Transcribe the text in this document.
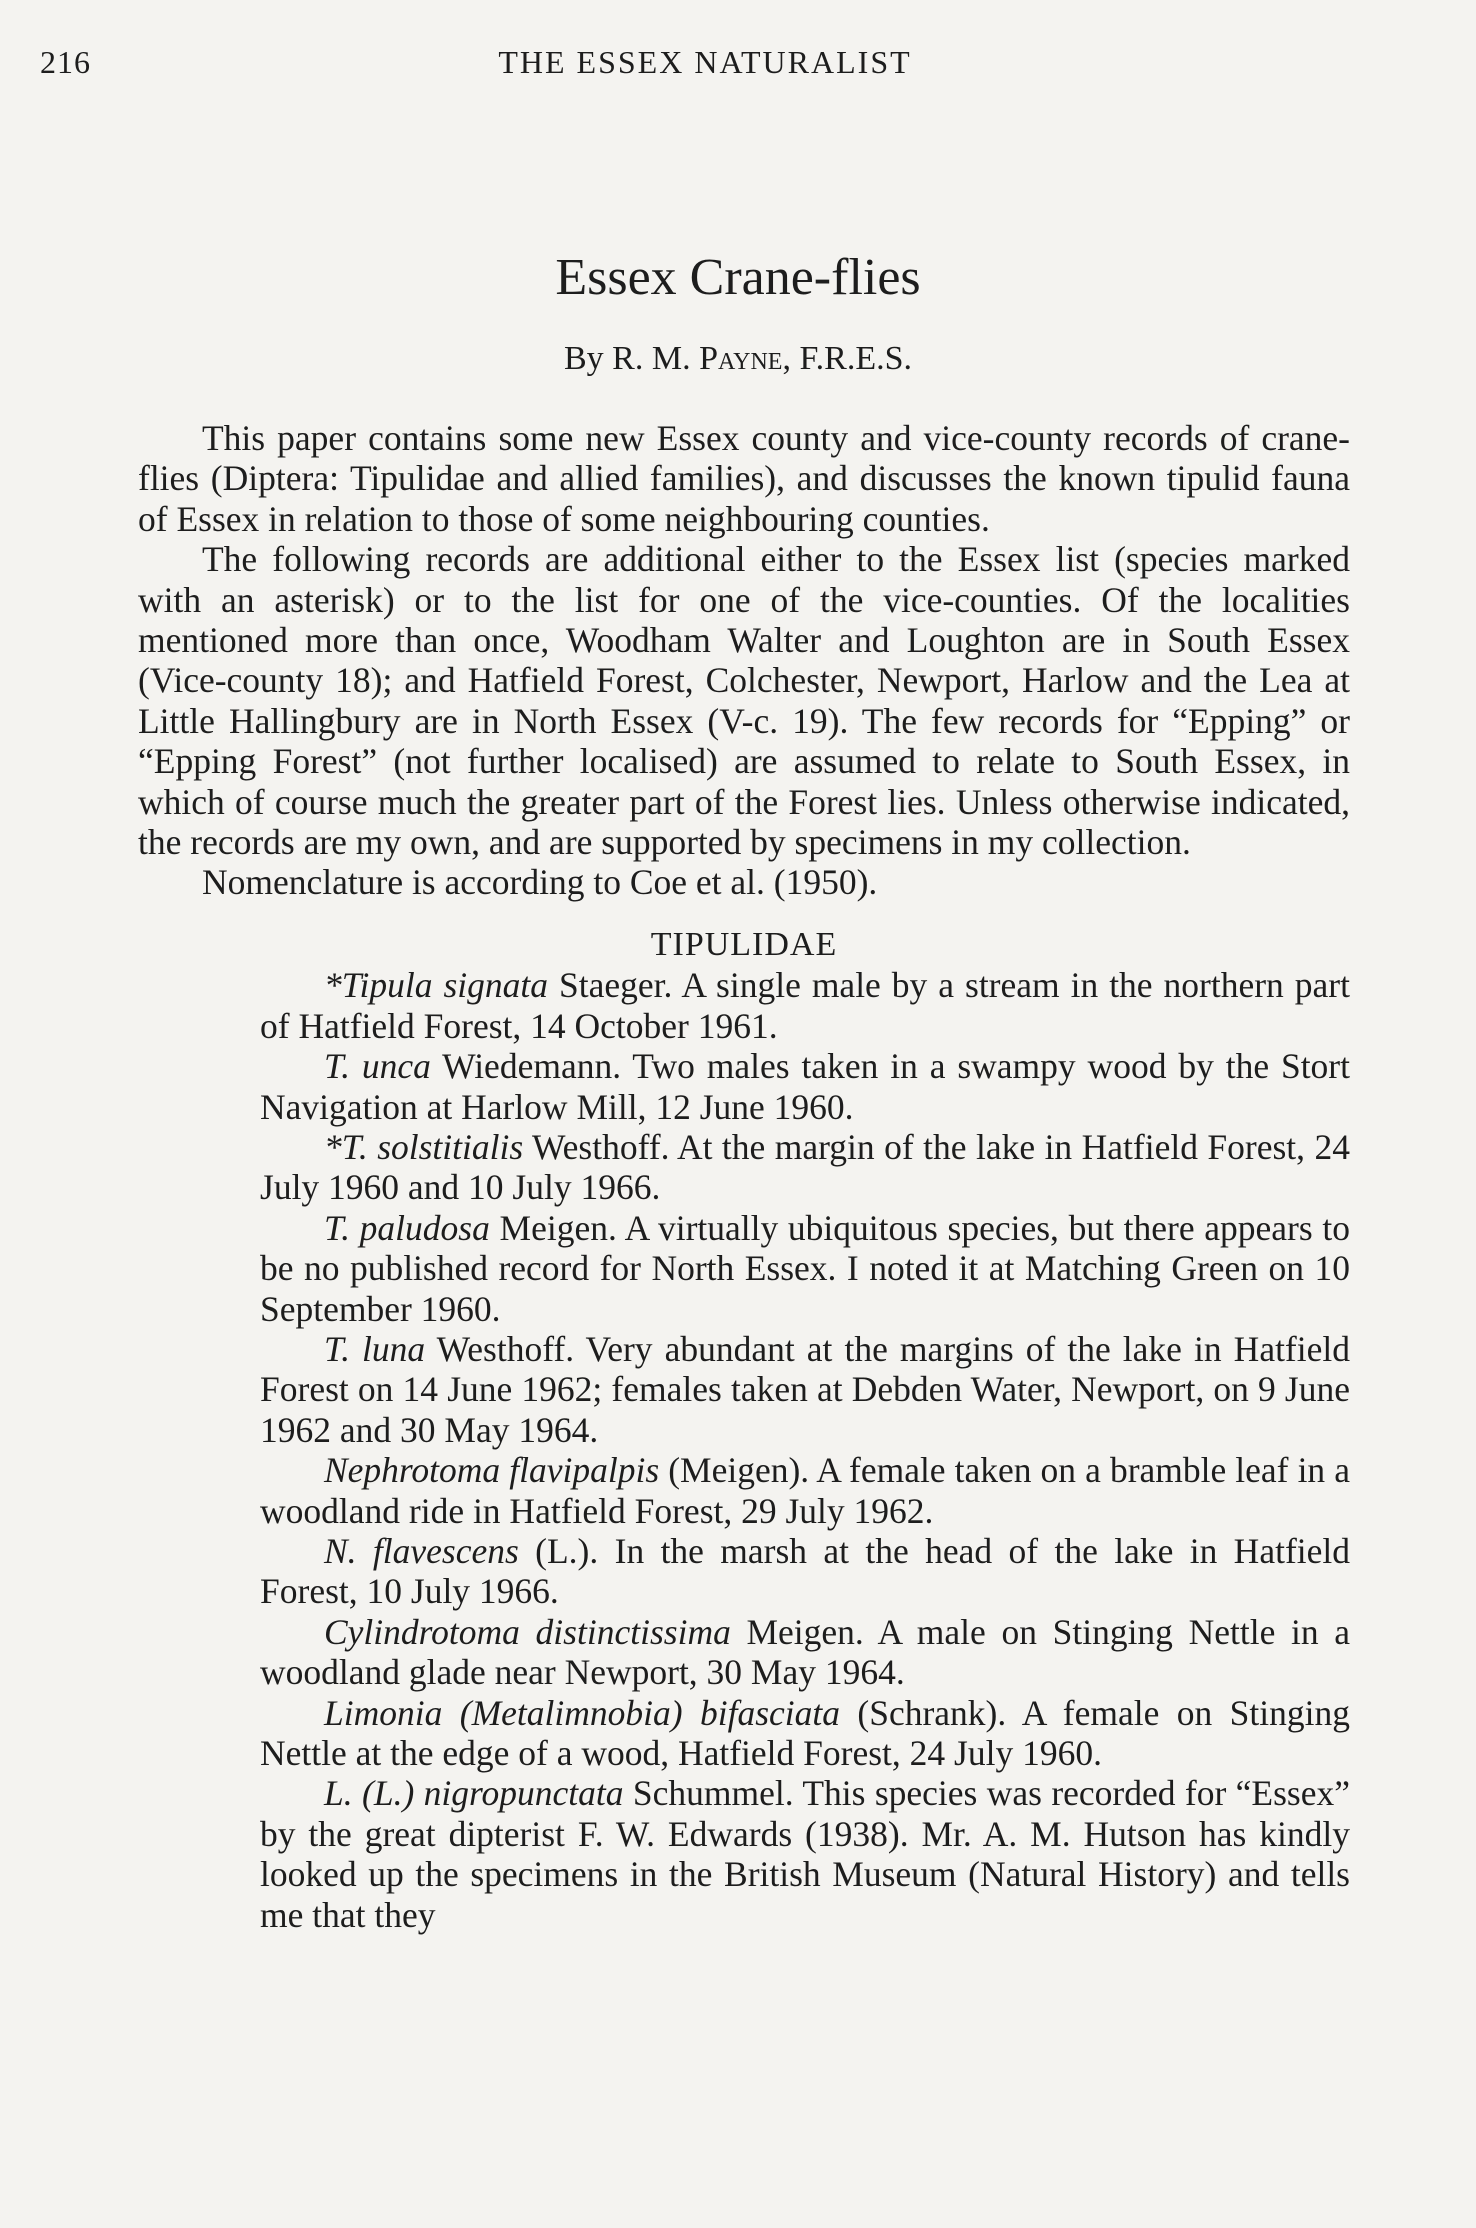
216	THE ESSEX NATURALIST
Essex Crane-flies
By R. M. Payne, F.R.E.S.

This paper contains some new Essex county and vice-county records of crane-flies (Diptera: Tipulidae and allied families), and discusses the known tipulid fauna of Essex in relation to those of some neighbouring counties.

The following records are additional either to the Essex list (species marked with an asterisk) or to the list for one of the vice-counties. Of the localities mentioned more than once, Woodham Walter and Loughton are in South Essex (Vice-county 18); and Hatfield Forest, Colchester, Newport, Harlow and the Lea at Little Hallingbury are in North Essex (V-c. 19). The few records for “Epping” or “Epping Forest” (not further localised) are assumed to relate to South Essex, in which of course much the greater part of the Forest lies. Unless otherwise indicated, the records are my own, and are supported by specimens in my collection.

Nomenclature is according to Coe et al. (1950).

TIPULIDAE

*Tipula signata Staeger. A single male by a stream in the northern part of Hatfield Forest, 14 October 1961.

T. unca Wiedemann. Two males taken in a swampy wood by the Stort Navigation at Harlow Mill, 12 June 1960.

*T. solstitialis Westhoff. At the margin of the lake in Hatfield Forest, 24 July 1960 and 10 July 1966.

T. paludosa Meigen. A virtually ubiquitous species, but there appears to be no published record for North Essex. I noted it at Matching Green on 10 September 1960.

T. luna Westhoff. Very abundant at the margins of the lake in Hatfield Forest on 14 June 1962; females taken at Debden Water, Newport, on 9 June 1962 and 30 May 1964.

Nephrotoma flavipalpis (Meigen). A female taken on a bramble leaf in a woodland ride in Hatfield Forest, 29 July 1962.

N. flavescens (L.). In the marsh at the head of the lake in Hatfield Forest, 10 July 1966.

Cylindrotoma distinctissima Meigen. A male on Stinging Nettle in a woodland glade near Newport, 30 May 1964.

Limonia (Metalimnobia) bifasciata (Schrank). A female on Stinging Nettle at the edge of a wood, Hatfield Forest, 24 July 1960.

L. (L.) nigropunctata Schummel. This species was recorded for “Essex” by the great dipterist F. W. Edwards (1938). Mr. A. M. Hutson has kindly looked up the specimens in the British Museum (Natural History) and tells me that they
